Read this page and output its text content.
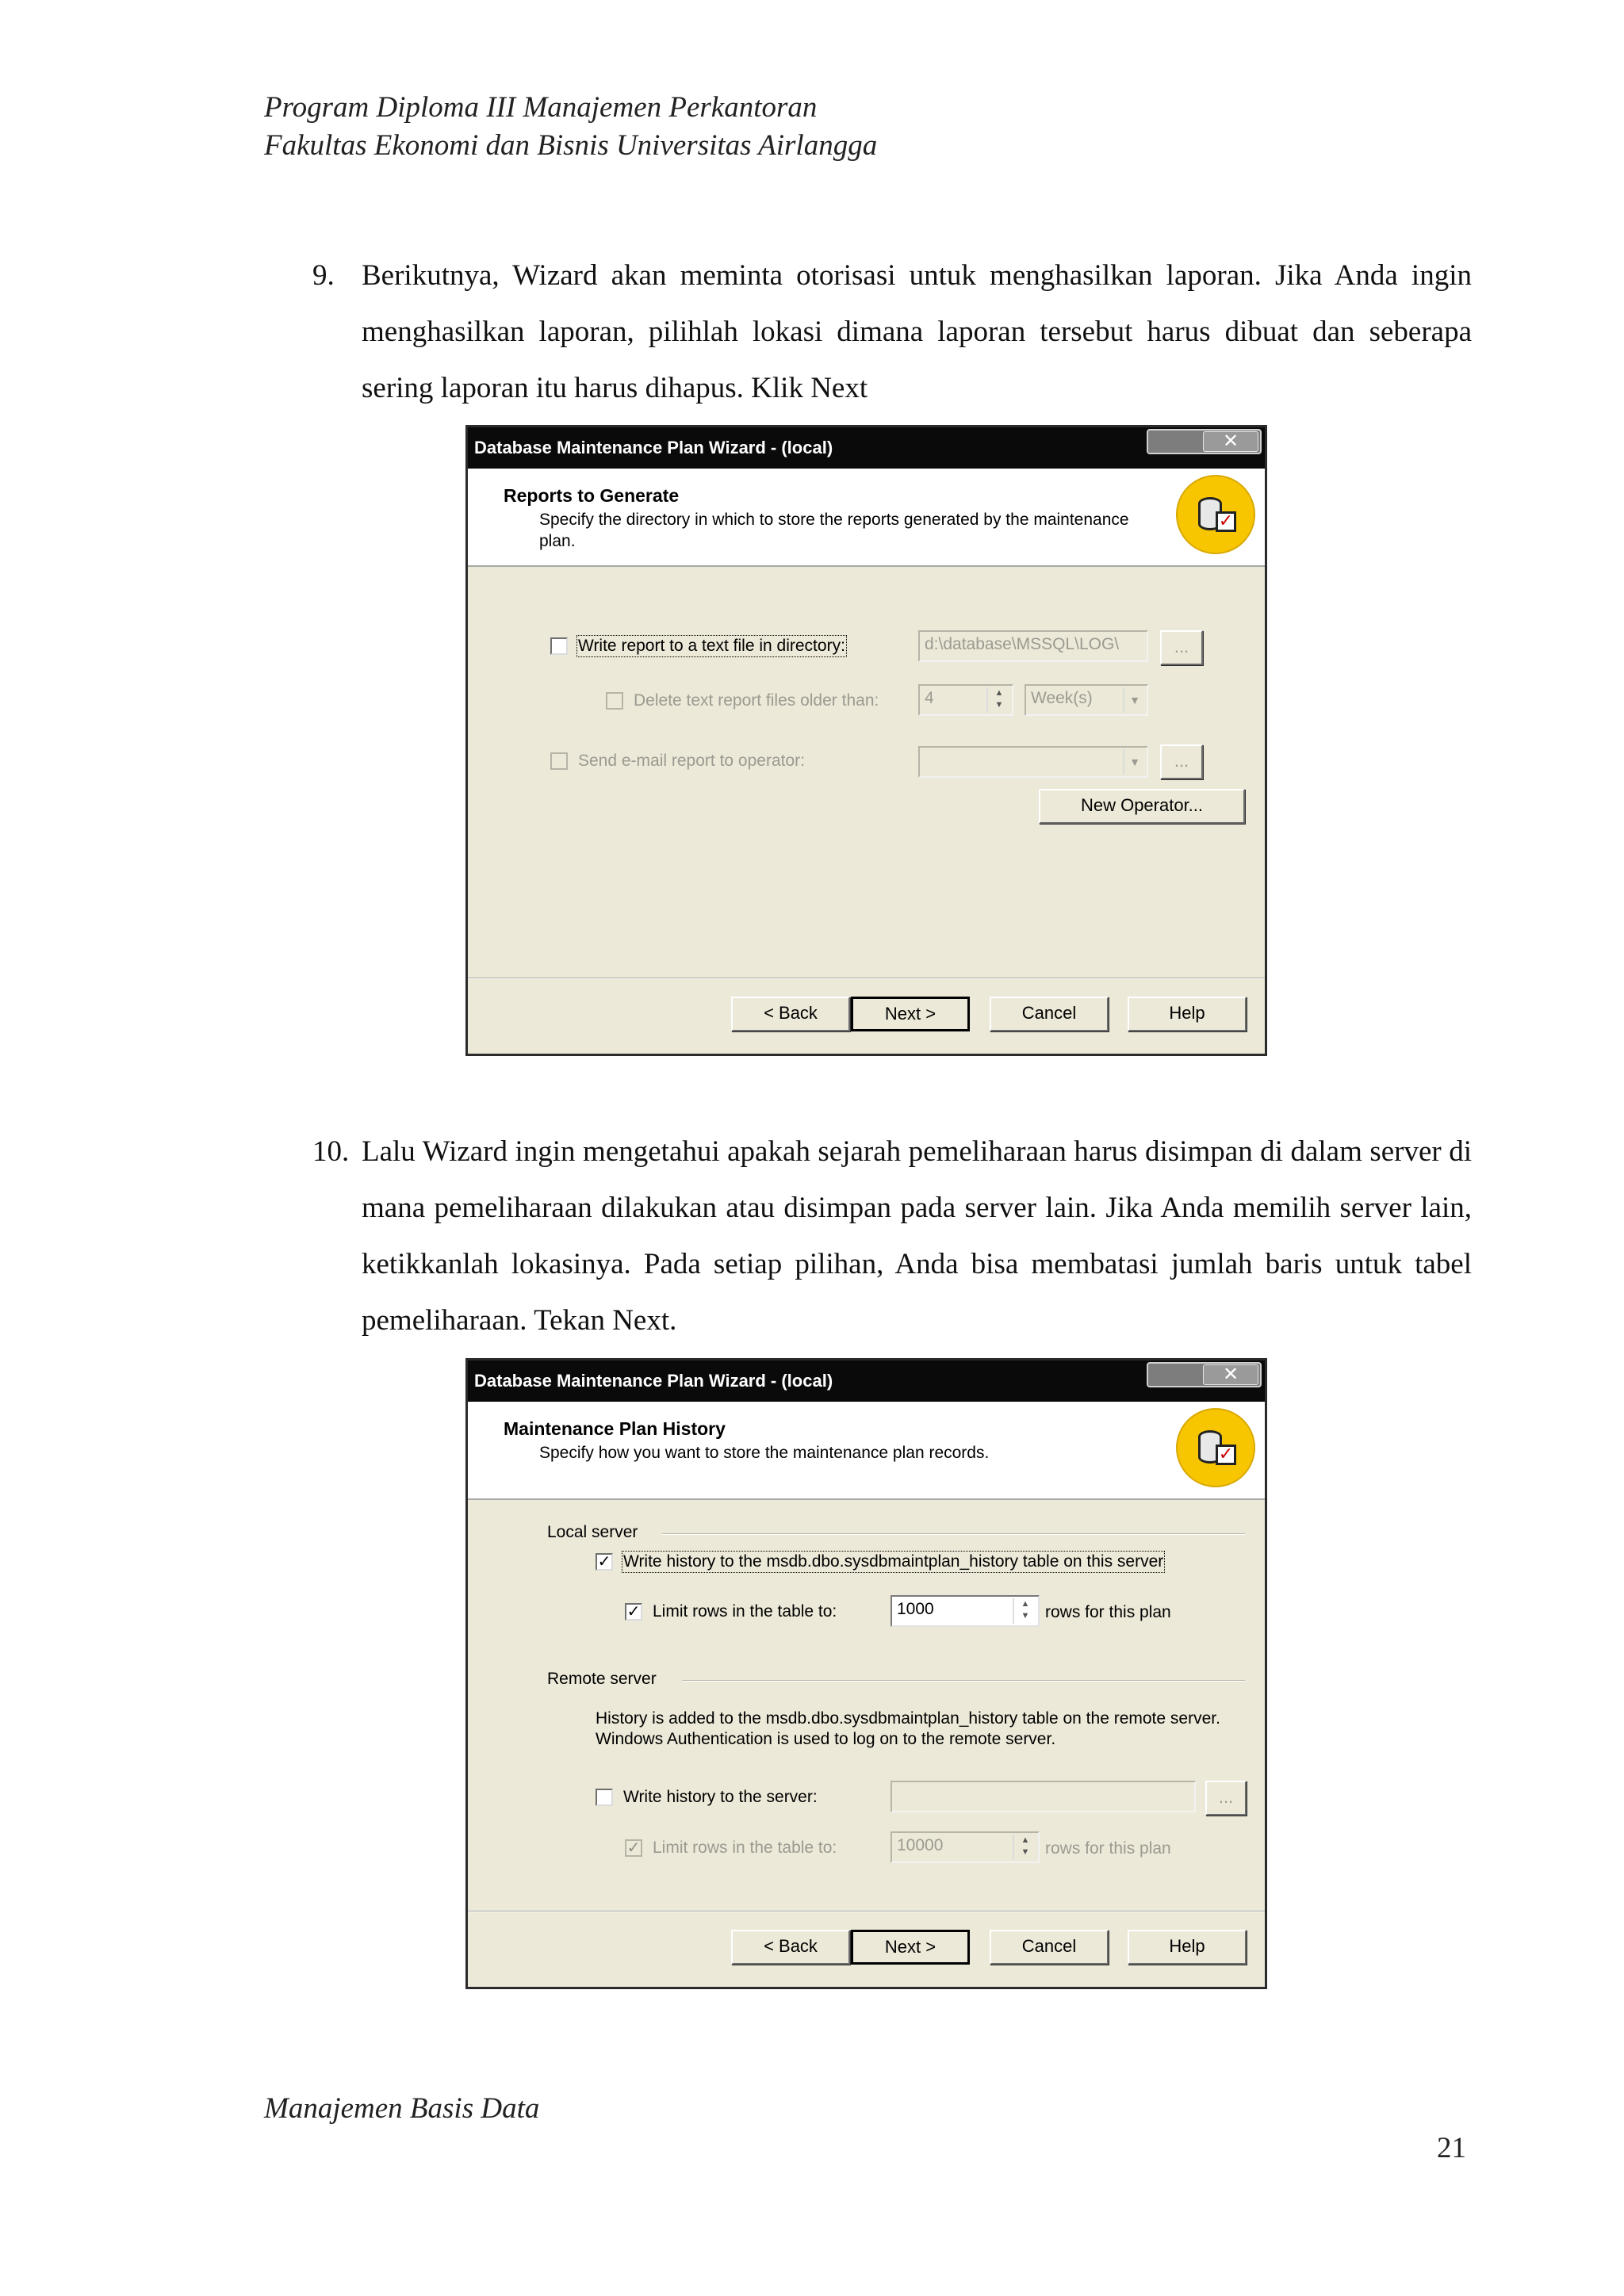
Program Diploma III Manajemen Perkantoran
Fakultas Ekonomi dan Bisnis Universitas Airlangga
9. Berikutnya, Wizard akan meminta otorisasi untuk menghasilkan laporan. Jika Anda ingin menghasilkan laporan, pilihlah lokasi dimana laporan tersebut harus dibuat dan seberapa sering laporan itu harus dihapus. Klik Next
Database Maintenance Plan Wizard - (local)	✕
Reports to Generate
Specify the directory in which to store the reports generated by the maintenance plan.
✓
Write report to a text file in directory:	d:\database\MSSQL\LOG\	...
Delete text report files older than:	4	▲
▼	Week(s)	▼
Send e-mail report to operator:	▼	...
New Operator...
< Back	Next >	Cancel	Help
10. Lalu Wizard ingin mengetahui apakah sejarah pemeliharaan harus disimpan di dalam server di mana pemeliharaan dilakukan atau disimpan pada server lain. Jika Anda memilih server lain, ketikkanlah lokasinya. Pada setiap pilihan, Anda bisa membatasi jumlah baris untuk tabel pemeliharaan. Tekan Next.
Database Maintenance Plan Wizard - (local)	✕
Maintenance Plan History
Specify how you want to store the maintenance plan records.	✓
Local server
✓ Write history to the msdb.dbo.sysdbmaintplan_history table on this server
✓ Limit rows in the table to:	1000	▲
▼ rows for this plan
Remote server
History is added to the msdb.dbo.sysdbmaintplan_history table on the remote server.
Windows Authentication is used to log on to the remote server.
Write history to the server:	...
✓ Limit rows in the table to:	10000	▲
▼ rows for this plan
< Back	Next >	Cancel	Help
Manajemen Basis Data
21
